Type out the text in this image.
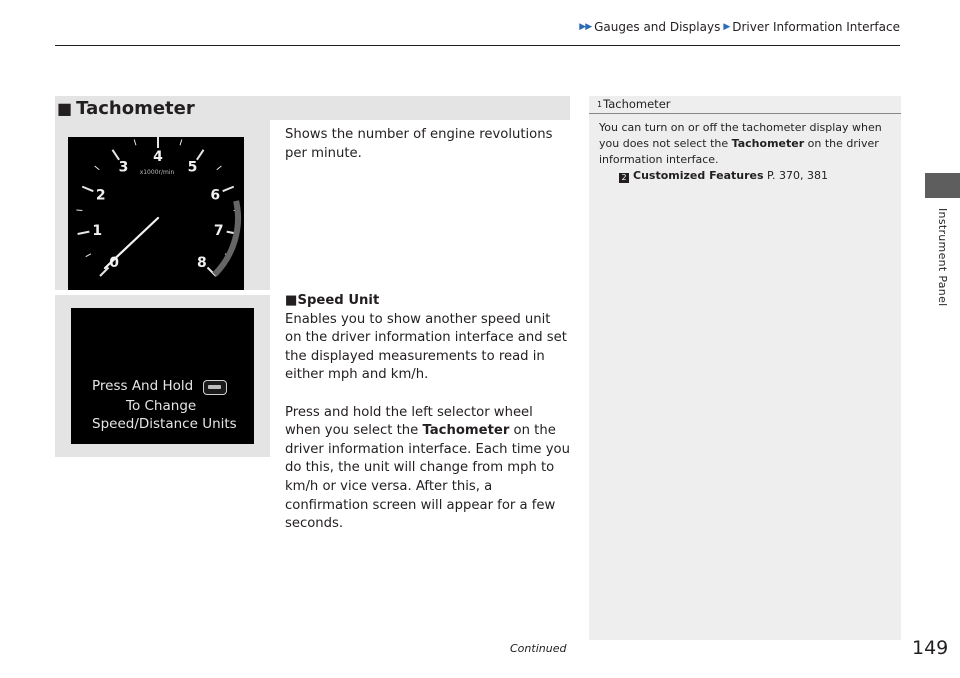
▶▶ Gauges and Displays ▶ Driver Information Interface
■ Tachometer
0
1
2
3
4
5
6
7
8
x1000r/min
Press And Hold
To Change
Speed/Distance Units
Shows the number of engine revolutions per minute.
■Speed Unit
Enables you to show another speed unit on the driver information interface and set the displayed measurements to read in either mph and km/h.
Press and hold the left selector wheel when you select the Tachometer on the driver information interface. Each time you do this, the unit will change from mph to km/h or vice versa. After this, a confirmation screen will appear for a few seconds.
1 Tachometer
You can turn on or off the tachometer display when you does not select the Tachometer on the driver information interface.
2 Customized Features P. 370, 381
Instrument Panel
Continued	149
